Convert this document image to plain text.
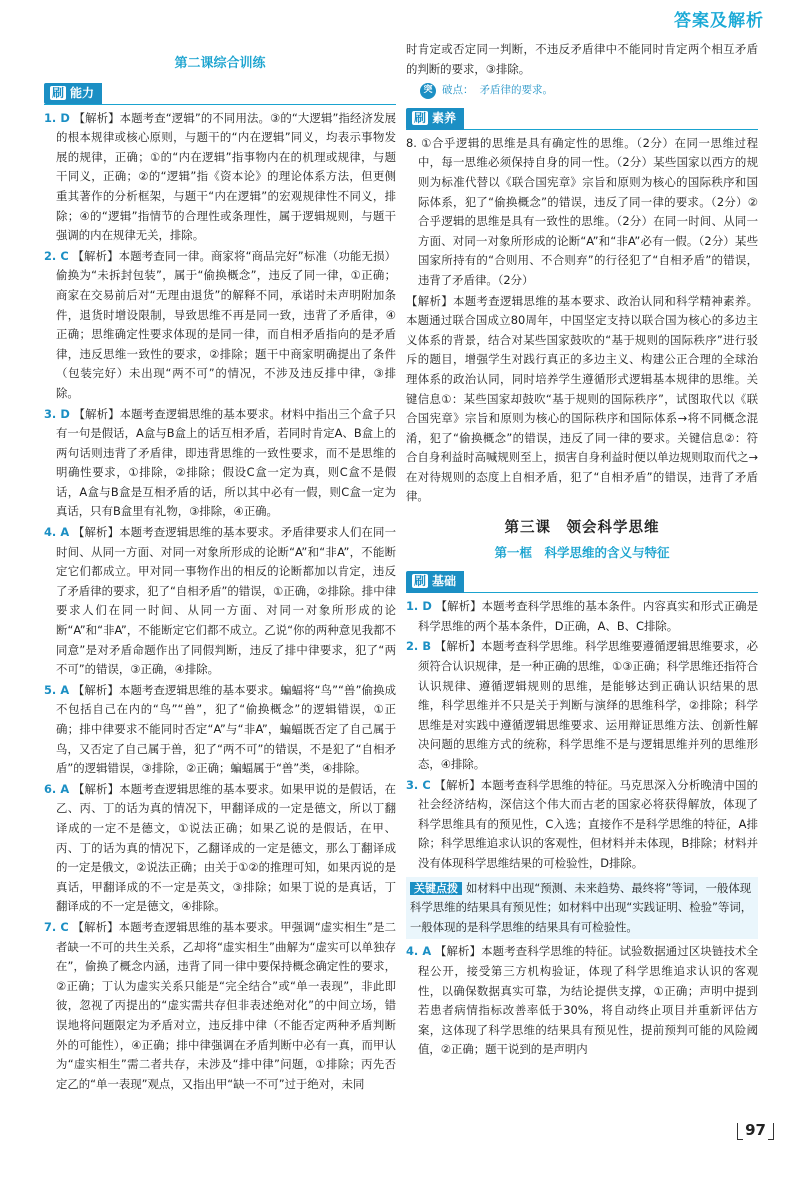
答案及解析
第二课综合训练
刷 能力

1. D 【解析】本题考查“逻辑”的不同用法。③的“大逻辑”指经济发展的根本规律或核心原则，与题干的“内在逻辑”同义，均表示事物发展的规律，正确；①的“内在逻辑”指事物内在的机理或规律，与题干同义，正确；②的“逻辑”指《资本论》的理论体系方法，但更侧重其著作的分析框架，与题干“内在逻辑”的宏观规律性不同义，排除；④的“逻辑”指情节的合理性或条理性，属于逻辑规则，与题干强调的内在规律无关，排除。

2. C 【解析】本题考查同一律。商家将“商品完好”标准（功能无损）偷换为“未拆封包装”，属于“偷换概念”，违反了同一律，①正确；商家在交易前后对“无理由退货”的解释不同，承诺时未声明附加条件，退货时增设限制，导致思维不再是同一致，违背了矛盾律，④正确；思维确定性要求体现的是同一律，而自相矛盾指向的是矛盾律，违反思维一致性的要求，②排除；题干中商家明确提出了条件（包装完好）未出现“两不可”的情况，不涉及违反排中律，③排除。

3. D 【解析】本题考查逻辑思维的基本要求。材料中指出三个盒子只有一句是假话，A盒与B盒上的话互相矛盾，若同时肯定A、B盒上的两句话则违背了矛盾律，即违背思维的一致性要求，而不是思维的明确性要求，①排除，②排除；假设C盒一定为真，则C盒不是假话，A盒与B盒是互相矛盾的话，所以其中必有一假，则C盒一定为真话，只有B盒里有礼物，③排除，④正确。

4. A 【解析】本题考查逻辑思维的基本要求。矛盾律要求人们在同一时间、从同一方面、对同一对象所形成的论断“A”和“非A”，不能断定它们都成立。甲对同一事物作出的相反的论断都加以肯定，违反了矛盾律的要求，犯了“自相矛盾”的错误，①正确，②排除。排中律要求人们在同一时间、从同一方面、对同一对象所形成的论断“A”和“非A”，不能断定它们都不成立。乙说“你的两种意见我都不同意”是对矛盾命题作出了同假判断，违反了排中律要求，犯了“两不可”的错误，③正确，④排除。

5. A 【解析】本题考查逻辑思维的基本要求。蝙蝠将“鸟”“兽”偷换成不包括自己在内的“鸟”“兽”，犯了“偷换概念”的逻辑错误，①正确；排中律要求不能同时否定“A”与“非A”，蝙蝠既否定了自己属于鸟，又否定了自己属于兽，犯了“两不可”的错误，不是犯了“自相矛盾”的逻辑错误，③排除，②正确；蝙蝠属于“兽”类，④排除。

6. A 【解析】本题考查逻辑思维的基本要求。如果甲说的是假话，在乙、丙、丁的话为真的情况下，甲翻译成的一定是德文，所以丁翻译成的一定不是德文，①说法正确；如果乙说的是假话，在甲、丙、丁的话为真的情况下，乙翻译成的一定是德文，那么丁翻译成的一定是俄文，②说法正确；由关于①②的推理可知，如果丙说的是真话，甲翻译成的不一定是英文，③排除；如果丁说的是真话，丁翻译成的不一定是德文，④排除。

7. C 【解析】本题考查逻辑思维的基本要求。甲强调“虚实相生”是二者缺一不可的共生关系，乙却将“虚实相生”曲解为“虚实可以单独存在”，偷换了概念内涵，违背了同一律中要保持概念确定性的要求，②正确；丁认为虚实关系只能是“完全结合”或“单一表现”，非此即彼，忽视了丙提出的“虚实需共存但非表述绝对化”的中间立场，错误地将问题限定为矛盾对立，违反排中律（不能否定两种矛盾判断外的可能性），④正确；排中律强调在矛盾判断中必有一真，而甲认为“虚实相生”需二者共存，未涉及“排中律”问题，①排除；丙先否定乙的“单一表现”观点，又指出甲“缺一不可”过于绝对，未同

时肯定或否定同一判断，不违反矛盾律中不能同时肯定两个相互矛盾的判断的要求，③排除。

突 破点： 矛盾律的要求。
刷 素养

8. ①合乎逻辑的思维是具有确定性的思维。（2分）在同一思维过程中，每一思维必须保持自身的同一性。（2分）某些国家以西方的规则为标准代替以《联合国宪章》宗旨和原则为核心的国际秩序和国际体系，犯了“偷换概念”的错误，违反了同一律的要求。（2分）②合乎逻辑的思维是具有一致性的思维。（2分）在同一时间、从同一方面、对同一对象所形成的论断“A”和“非A”必有一假。（2分）某些国家所持有的“合则用、不合则弃”的行径犯了“自相矛盾”的错误，违背了矛盾律。（2分）

【解析】本题考查逻辑思维的基本要求、政治认同和科学精神素养。本题通过联合国成立80周年，中国坚定支持以联合国为核心的多边主义体系的背景，结合对某些国家鼓吹的“基于规则的国际秩序”进行驳斥的题目，增强学生对践行真正的多边主义、构建公正合理的全球治理体系的政治认同，同时培养学生遵循形式逻辑基本规律的思维。关键信息①：某些国家却鼓吹“基于规则的国际秩序”，试图取代以《联合国宪章》宗旨和原则为核心的国际秩序和国际体系→将不同概念混淆，犯了“偷换概念”的错误，违反了同一律的要求。关键信息②：符合自身利益时高喊规则至上，损害自身利益时便以单边规则取而代之→在对待规则的态度上自相矛盾，犯了“自相矛盾”的错误，违背了矛盾律。

第三课　领会科学思维
第一框　科学思维的含义与特征
刷 基础

1. D 【解析】本题考查科学思维的基本条件。内容真实和形式正确是科学思维的两个基本条件，D正确，A、B、C排除。

2. B 【解析】本题考查科学思维。科学思维要遵循逻辑思维要求，必须符合认识规律，是一种正确的思维，①③正确；科学思维还指符合认识规律、遵循逻辑规则的思维，是能够达到正确认识结果的思维，科学思维并不只是关于判断与演绎的思维科学，②排除；科学思维是对实践中遵循逻辑思维要求、运用辩证思维方法、创新性解决问题的思维方式的统称，科学思维不是与逻辑思维并列的思维形态，④排除。

3. C 【解析】本题考查科学思维的特征。马克思深入分析晚清中国的社会经济结构，深信这个伟大而古老的国家必将获得解放，体现了科学思维具有的预见性，C入选；直接作不是科学思维的特征，A排除；科学思维追求认识的客观性，但材料并未体现，B排除；材料并没有体现科学思维结果的可检验性，D排除。

关键点拨 如材料中出现“预测、未来趋势、最终将”等词，一般体现科学思维的结果具有预见性；如材料中出现“实践证明、检验”等词，一般体现的是科学思维的结果具有可检验性。

4. A 【解析】本题考查科学思维的特征。试验数据通过区块链技术全程公开，接受第三方机构验证，体现了科学思维追求认识的客观性，以确保数据真实可靠，为结论提供支撑，①正确；声明中提到若患者病情指标改善率低于30%，将自动终止项目并重新评估方案，这体现了科学思维的结果具有预见性，提前预判可能的风险阈值，②正确；题干说到的是声明内

97
